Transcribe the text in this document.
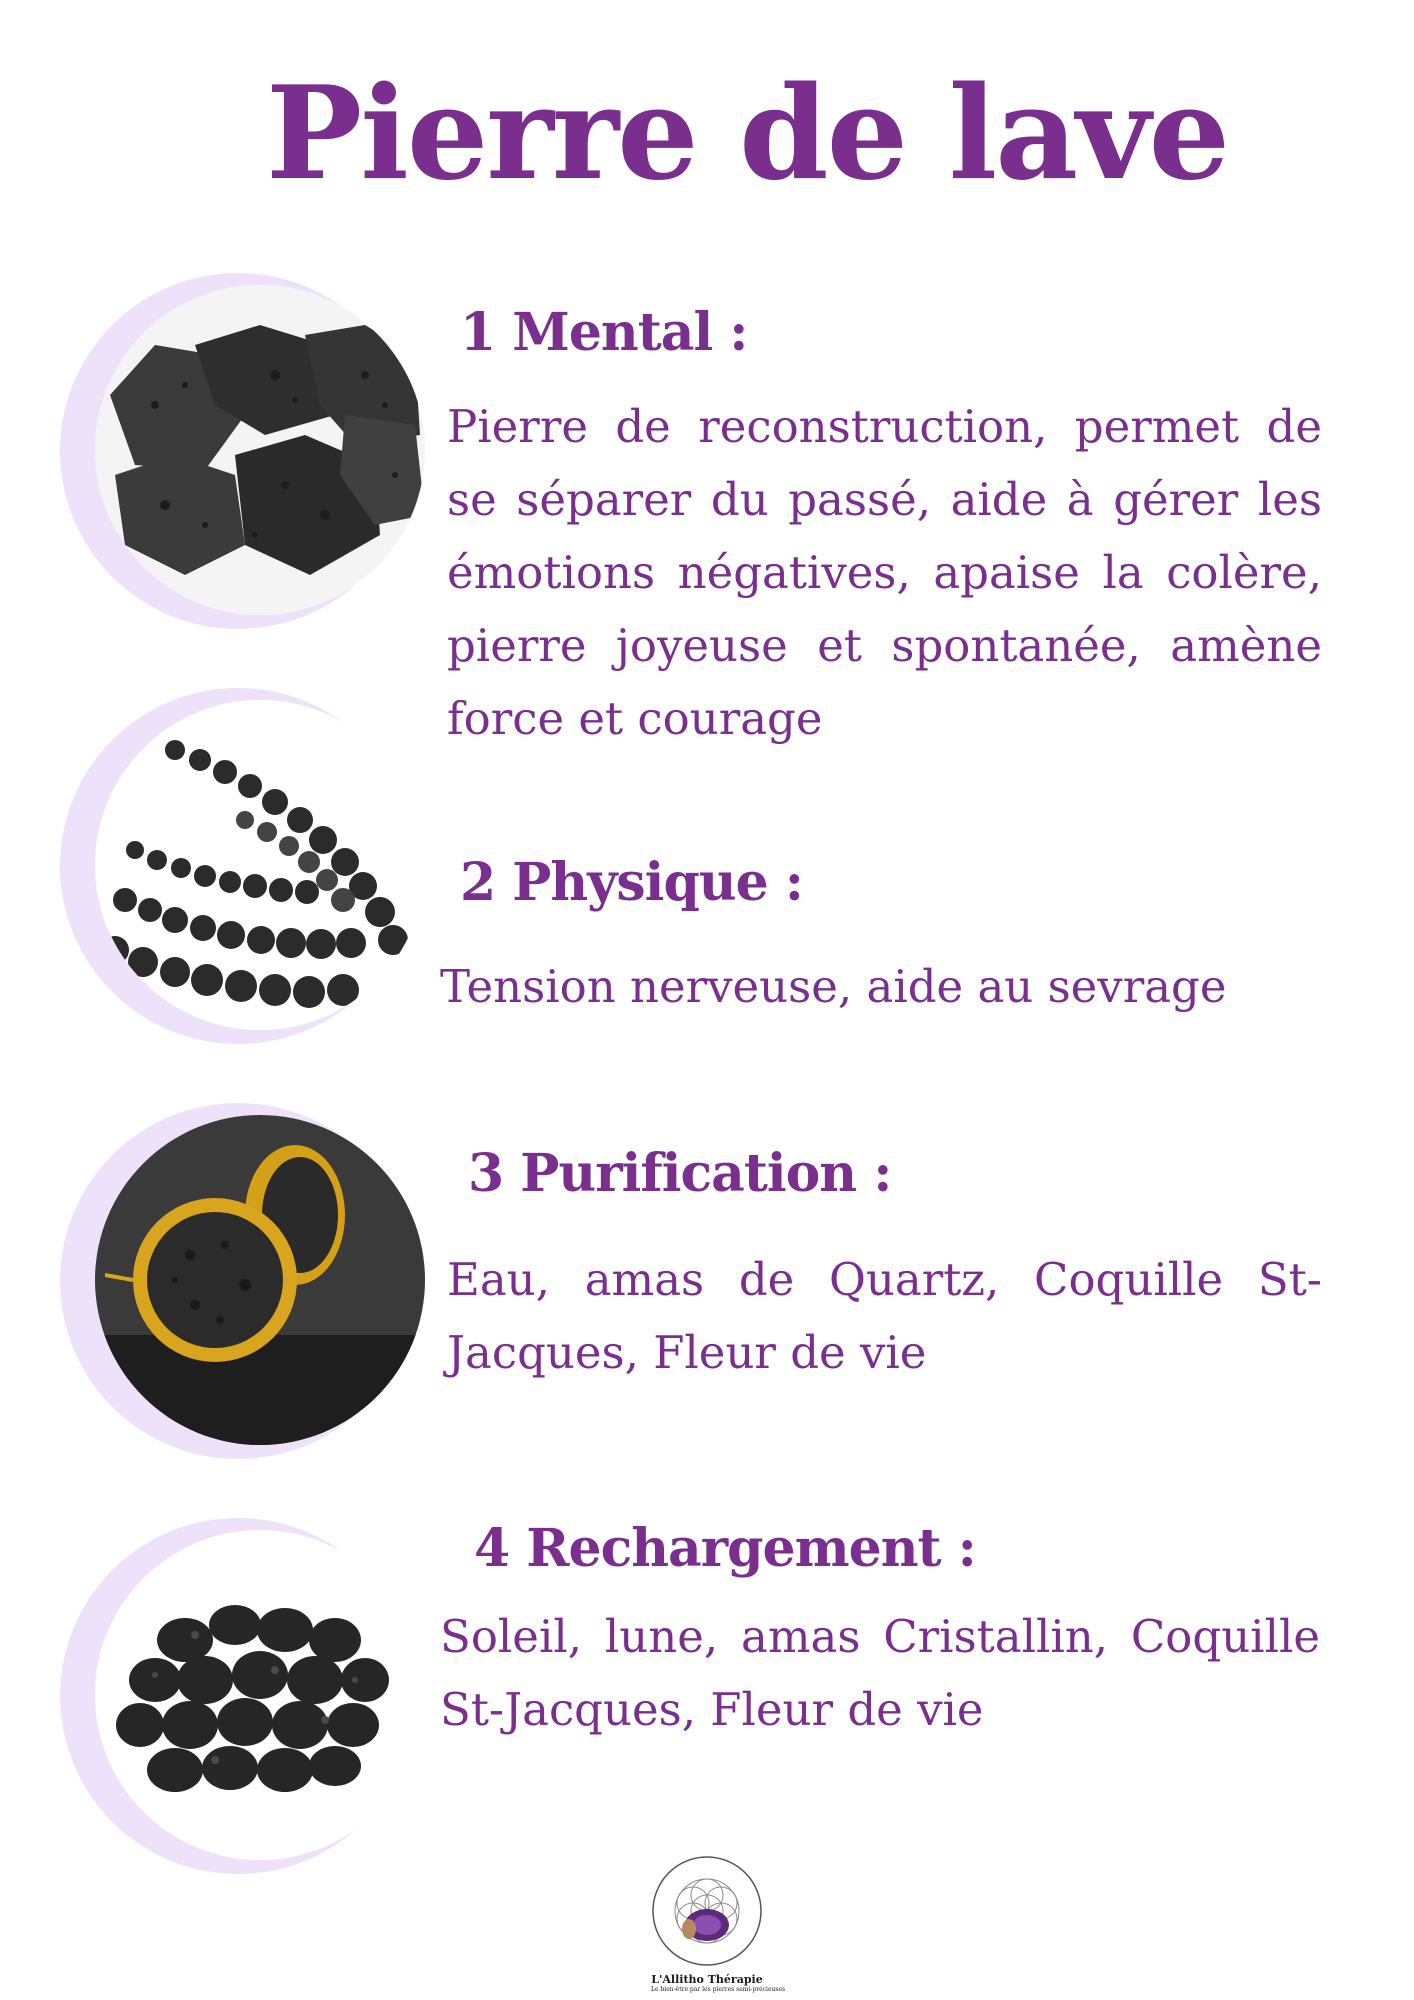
Pierre de lave
1 Mental :

Pierre de reconstruction, permet de se séparer du passé, aide à gérer les émotions négatives, apaise la colère, pierre joyeuse et spontanée, amène force et courage

2 Physique :

Tension nerveuse, aide au sevrage

3 Purification :

Eau, amas de Quartz, Coquille St-Jacques, Fleur de vie

4 Rechargement :

Soleil, lune, amas Cristallin, Coquille St-Jacques, Fleur de vie

L'Allitho Thérapie
Le bien-être par les pierres semi-précieuses
